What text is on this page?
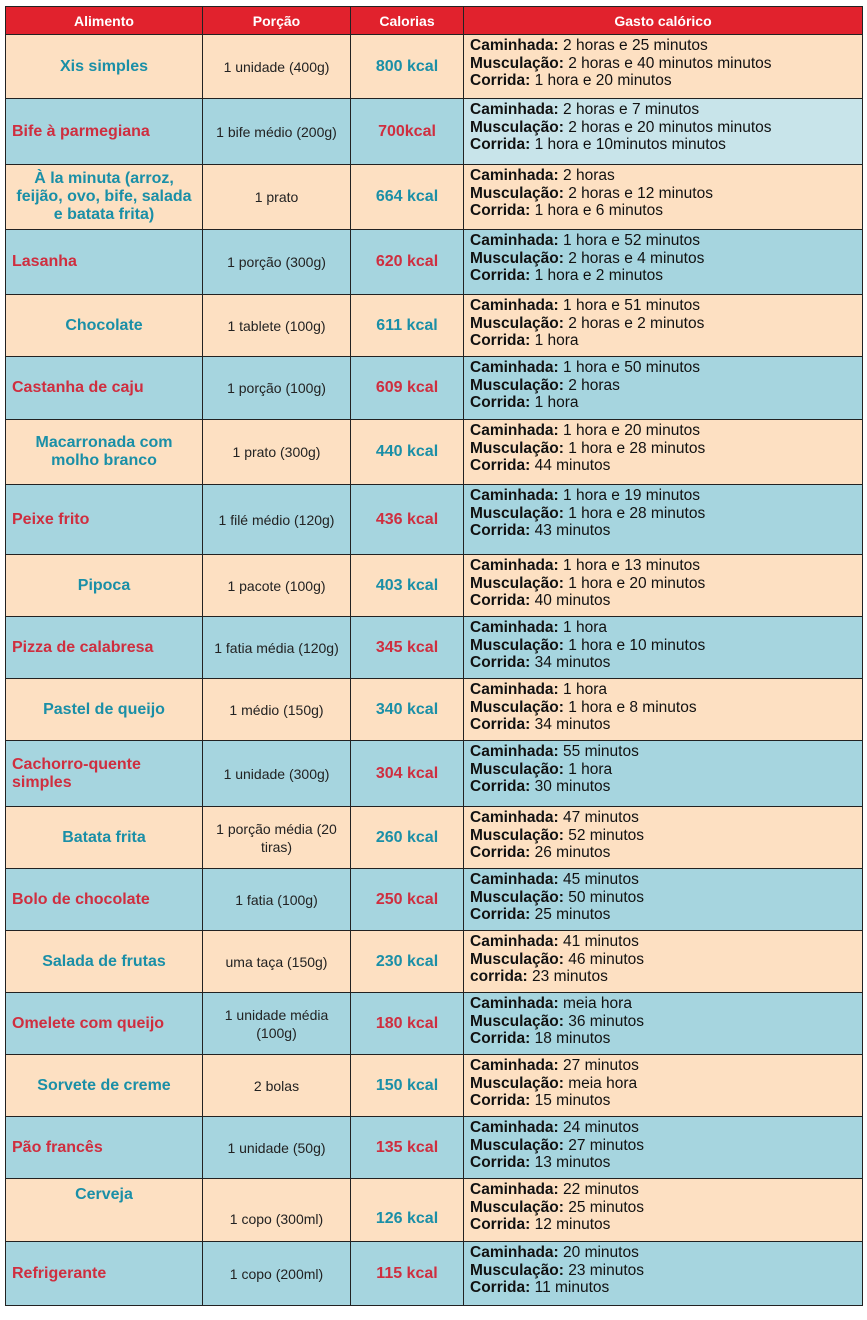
Alimento	Porção	Calorias	Gasto calórico
Xis simples	1 unidade (400g)	800 kcal	Caminhada: 2 horas e 25 minutos
Musculação: 2 horas e 40 minutos minutos
Corrida: 1 hora e 20 minutos

Bife à parmegiana	1 bife médio (200g)	700kcal	Caminhada: 2 horas e 7 minutos
Musculação: 2 horas e 20 minutos minutos
Corrida: 1 hora e 10minutos minutos

À la minuta (arroz, feijão, ovo, bife, salada e batata frita)	1 prato	664 kcal	Caminhada: 2 horas
Musculação: 2 horas e 12 minutos
Corrida: 1 hora e 6 minutos

Lasanha	1 porção (300g)	620 kcal	Caminhada: 1 hora e 52 minutos
Musculação: 2 horas e 4 minutos
Corrida: 1 hora e 2 minutos

Chocolate	1 tablete (100g)	611 kcal	Caminhada: 1 hora e 51 minutos
Musculação: 2 horas e 2 minutos
Corrida: 1 hora

Castanha de caju	1 porção (100g)	609 kcal	Caminhada: 1 hora e 50 minutos
Musculação: 2 horas
Corrida: 1 hora

Macarronada com molho branco	1 prato (300g)	440 kcal	Caminhada: 1 hora e 20 minutos
Musculação: 1 hora e 28 minutos
Corrida: 44 minutos

Peixe frito	1 filé médio (120g)	436 kcal	Caminhada: 1 hora e 19 minutos
Musculação: 1 hora e 28 minutos
Corrida: 43 minutos

Pipoca	1 pacote (100g)	403 kcal	Caminhada: 1 hora e 13 minutos
Musculação: 1 hora e 20 minutos
Corrida: 40 minutos

Pizza de calabresa	1 fatia média (120g)	345 kcal	Caminhada: 1 hora
Musculação: 1 hora e 10 minutos
Corrida: 34 minutos

Pastel de queijo	1 médio (150g)	340 kcal	Caminhada: 1 hora
Musculação: 1 hora e 8 minutos
Corrida: 34 minutos

Cachorro-quente simples	1 unidade (300g)	304 kcal	Caminhada: 55 minutos
Musculação: 1 hora
Corrida: 30 minutos

Batata frita	1 porção média (20 tiras)	260 kcal	Caminhada: 47 minutos
Musculação: 52 minutos
Corrida: 26 minutos

Bolo de chocolate	1 fatia (100g)	250 kcal	Caminhada: 45 minutos
Musculação: 50 minutos
Corrida: 25 minutos

Salada de frutas	uma taça (150g)	230 kcal	Caminhada: 41 minutos
Musculação: 46 minutos
corrida: 23 minutos

Omelete com queijo	1 unidade média (100g)	180 kcal	Caminhada: meia hora
Musculação: 36 minutos
Corrida: 18 minutos

Sorvete de creme	2 bolas	150 kcal	Caminhada: 27 minutos
Musculação: meia hora
Corrida: 15 minutos

Pão francês	1 unidade (50g)	135 kcal	Caminhada: 24 minutos
Musculação: 27 minutos
Corrida: 13 minutos

Cerveja	1 copo (300ml)	126 kcal	Caminhada: 22 minutos
Musculação: 25 minutos
Corrida: 12 minutos

Refrigerante	1 copo (200ml)	115 kcal	Caminhada: 20 minutos
Musculação: 23 minutos
Corrida: 11 minutos
